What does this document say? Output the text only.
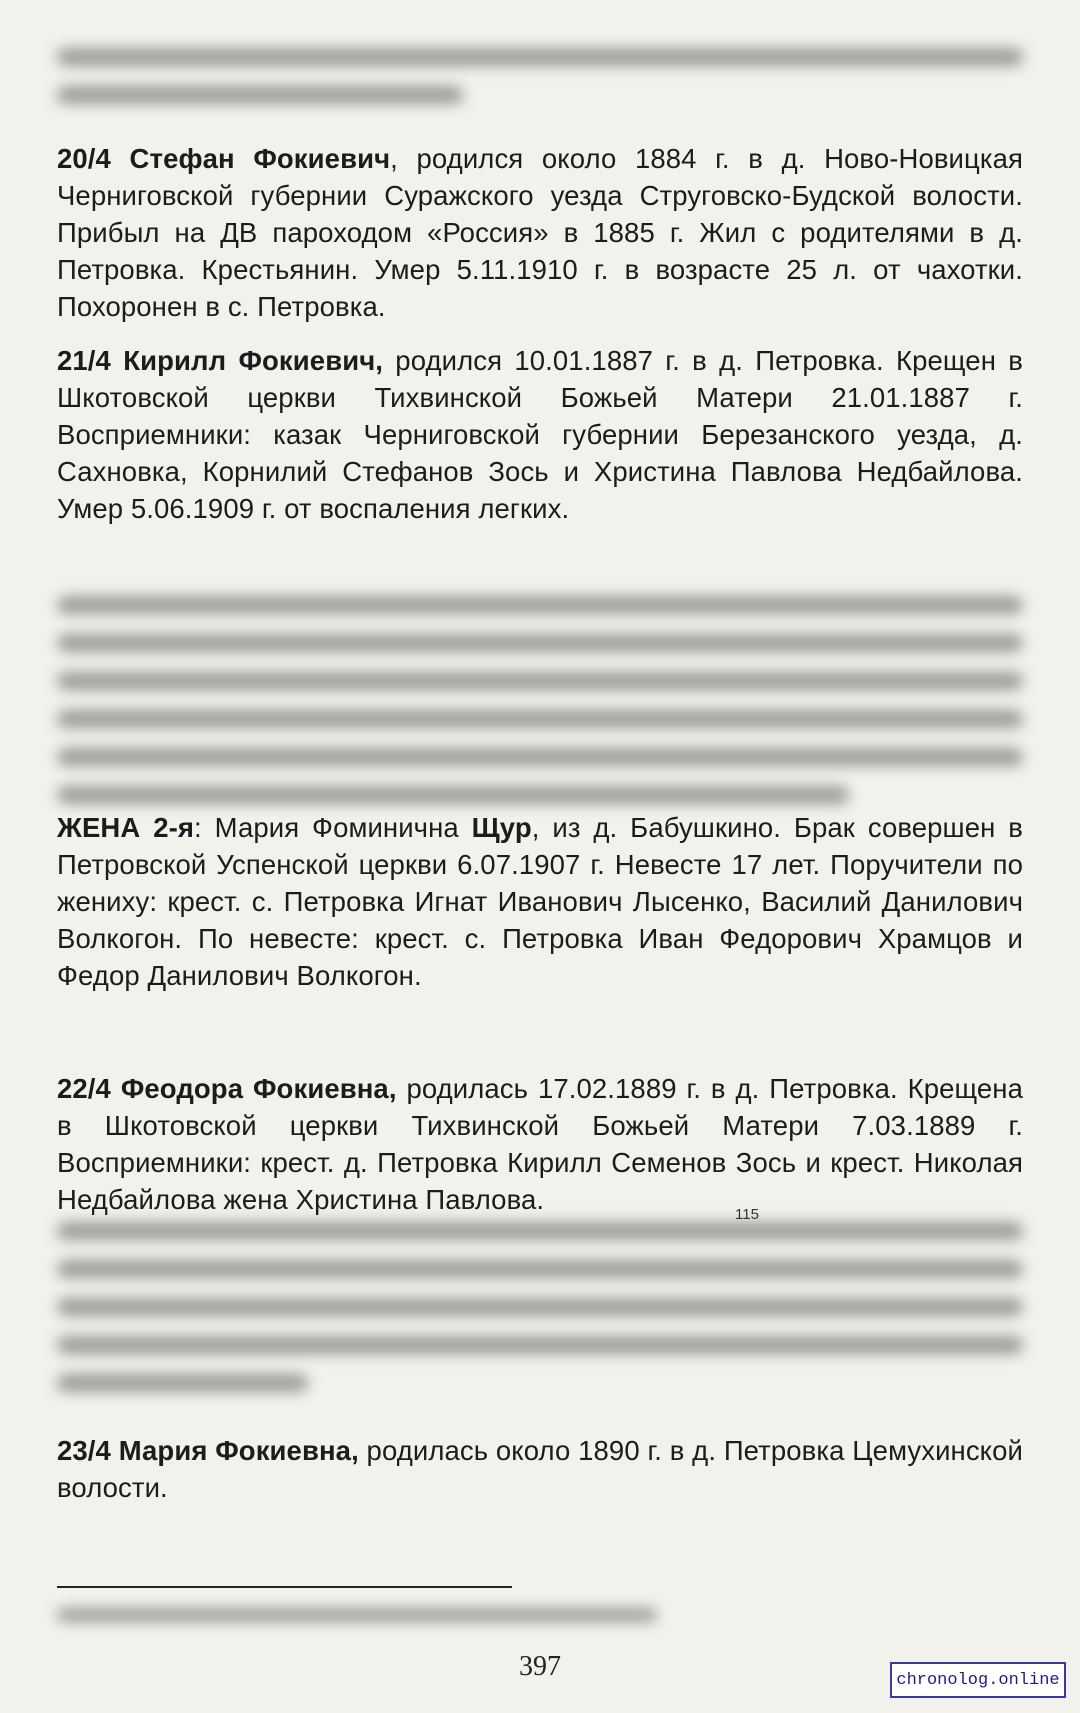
20/4 Стефан Фокиевич, родился около 1884 г. в д. Ново-Новицкая Черниговской губернии Суражского уезда Струговско-Будской волости. Прибыл на ДВ пароходом «Россия» в 1885 г. Жил с родителями в д. Петровка. Крестьянин. Умер 5.11.1910 г. в возрасте 25 л. от чахотки. Похоронен в с. Петровка.
21/4 Кирилл Фокиевич, родился 10.01.1887 г. в д. Петровка. Крещен в Шкотовской церкви Тихвинской Божьей Матери 21.01.1887 г. Восприемники: казак Черниговской губернии Березанского уезда, д. Сахновка, Корнилий Стефанов Зось и Христина Павлова Недбайлова. Умер 5.06.1909 г. от воспаления легких.
ЖЕНА 2-я: Мария Фоминична Щур, из д. Бабушкино. Брак совершен в Петровской Успенской церкви 6.07.1907 г. Невесте 17 лет. Поручители по жениху: крест. с. Петровка Игнат Иванович Лысенко, Василий Данилович Волкогон. По невесте: крест. с. Петровка Иван Федорович Храмцов и Федор Данилович Волкогон.
22/4 Феодора Фокиевна, родилась 17.02.1889 г. в д. Петровка. Крещена в Шкотовской церкви Тихвинской Божьей Матери 7.03.1889 г. Восприемники: крест. д. Петровка Кирилл Семенов Зось и крест. Николая Недбайлова жена Христина Павлова.	115
23/4 Мария Фокиевна, родилась около 1890 г. в д. Петровка Цемухинской волости.
397	chronolog.online
